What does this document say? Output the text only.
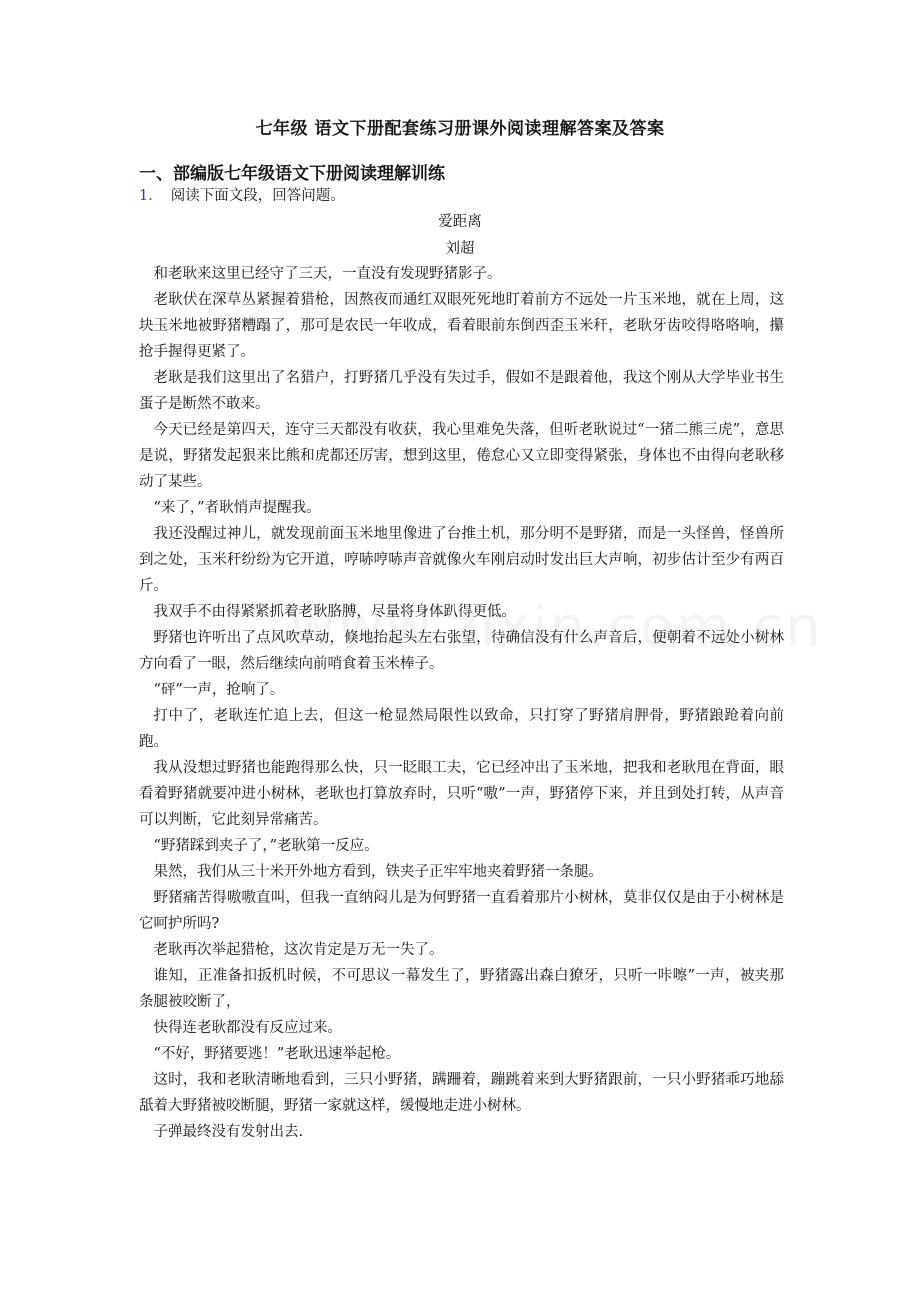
七年级 语文下册配套练习册课外阅读理解答案及答案
一、部编版七年级语文下册阅读理解训练
1． 阅读下面文段，回答问题。
爱距离
刘超

和老耿来这里已经守了三天，一直没有发现野猪影子。

老耿伏在深草丛紧握着猎枪，因熬夜而通红双眼死死地盯着前方不远处一片玉米地，就在上周，这块玉米地被野猪糟蹋了，那可是农民一年收成，看着眼前东倒西歪玉米秆，老耿牙齿咬得咯咯响，攥抢手握得更紧了。

老耿是我们这里出了名猎户，打野猪几乎没有失过手，假如不是跟着他，我这个刚从大学毕业书生蛋子是断然不敢来。

今天已经是第四天，连守三天都没有收获，我心里难免失落，但听老耿说过“一猪二熊三虎”，意思是说，野猪发起狠来比熊和虎都还厉害，想到这里，倦怠心又立即变得紧张，身体也不由得向老耿移动了某些。

“来了，”者耿悄声提醒我。

我还没醒过神儿，就发现前面玉米地里像进了台推土机，那分明不是野猪，而是一头怪兽，怪兽所到之处，玉米秆纷纷为它开道，哼哧哼哧声音就像火车刚启动时发出巨大声响，初步估计至少有两百斤。

我双手不由得紧紧抓着老耿胳膊，尽量将身体趴得更低。

野猪也许听出了点风吹草动，倏地抬起头左右张望，待确信没有什么声音后，便朝着不远处小树林方向看了一眼，然后继续向前哨食着玉米棒子。

“砰”一声，抢响了。

打中了，老耿连忙追上去，但这一枪显然局限性以致命，只打穿了野猪肩胛骨，野猪踉跄着向前跑。

我从没想过野猪也能跑得那么快，只一眨眼工夫，它已经冲出了玉米地，把我和老耿甩在背面，眼看着野猪就要冲进小树林，老耿也打算放弃时，只听“嗷”一声，野猪停下来，并且到处打转，从声音可以判断，它此刻异常痛苦。

“野猪踩到夹子了，”老耿第一反应。

果然，我们从三十米开外地方看到，铁夹子正牢牢地夹着野猪一条腿。

野猪痛苦得嗷嗷直叫，但我一直纳闷儿是为何野猪一直看着那片小树林，莫非仅仅是由于小树林是它呵护所吗?

老耿再次举起猎枪，这次肯定是万无一失了。

谁知，正准备扣扳机时候，不可思议一幕发生了，野猪露出森白獠牙，只听一咔嚓”一声，被夹那条腿被咬断了，

快得连老耿都没有反应过来。

“不好，野猪要逃！”老耿迅速举起枪。

这时，我和老耿清晰地看到，三只小野猪，蹒跚着，蹦跳着来到大野猪跟前，一只小野猪乖巧地舔舐着大野猪被咬断腿，野猪一家就这样，缓慢地走进小树林。

子弹最终没有发射出去.
